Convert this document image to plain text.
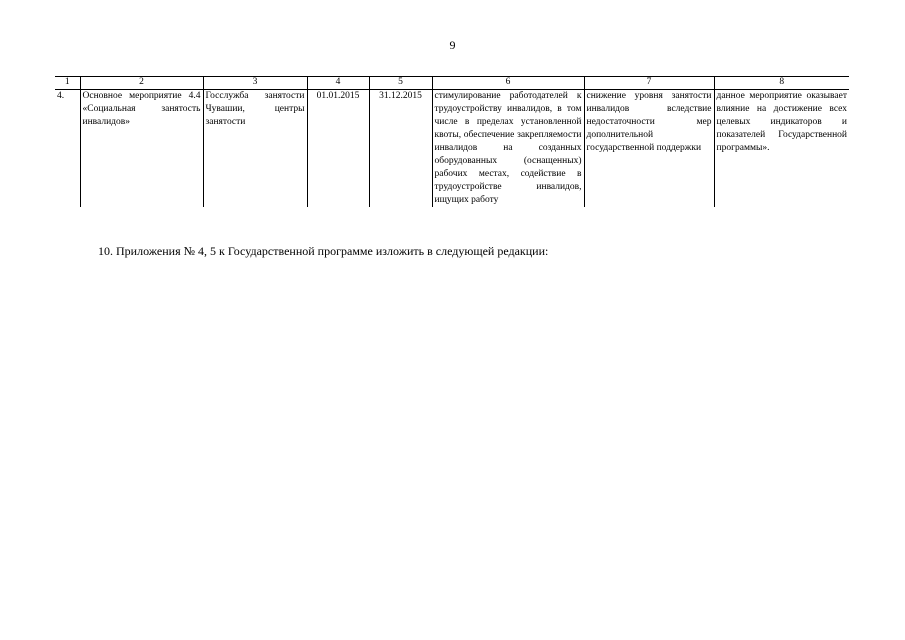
9
1	2	3	4	5	6	7	8
4.	Основное мероприятие 4.4 «Социальная занятость инвалидов»	Госслужба занятости Чувашии, центры занятости	01.01.2015	31.12.2015	стимулирование работодателей к трудоустройству инвалидов, в том числе в пределах установленной квоты, обеспечение закрепляемости инвалидов на созданных оборудованных (оснащенных) рабочих местах, содействие в трудоустройстве инвалидов, ищущих работу	снижение уровня занятости инвалидов вследствие недостаточности мер дополнительной государственной поддержки	данное мероприятие оказывает влияние на достижение всех целевых индикаторов и показателей Государственной программы».
10. Приложения № 4, 5 к Государственной программе изложить в следующей редакции:
